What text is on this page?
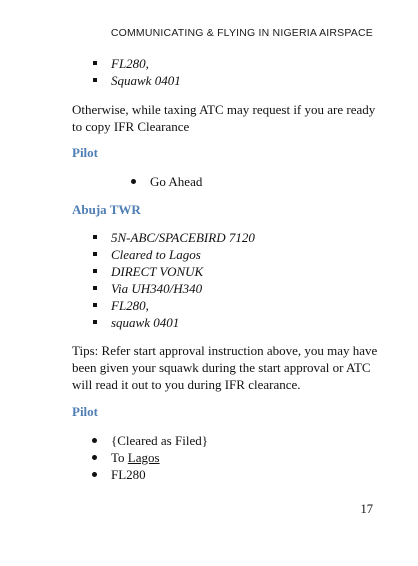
COMMUNICATING & FLYING IN NIGERIA AIRSPACE
FL280,
Squawk 0401

Otherwise, while taxing ATC may request if you are ready to copy IFR Clearance

Pilot
Go Ahead
Abuja TWR
5N-ABC/SPACEBIRD 7120
Cleared to Lagos
DIRECT VONUK
Via UH340/H340
FL280,
squawk 0401

Tips: Refer start approval instruction above, you may have been given your squawk during the start approval or ATC will read it out to you during IFR clearance.

Pilot
{Cleared as Filed}
To Lagos
FL280
17
